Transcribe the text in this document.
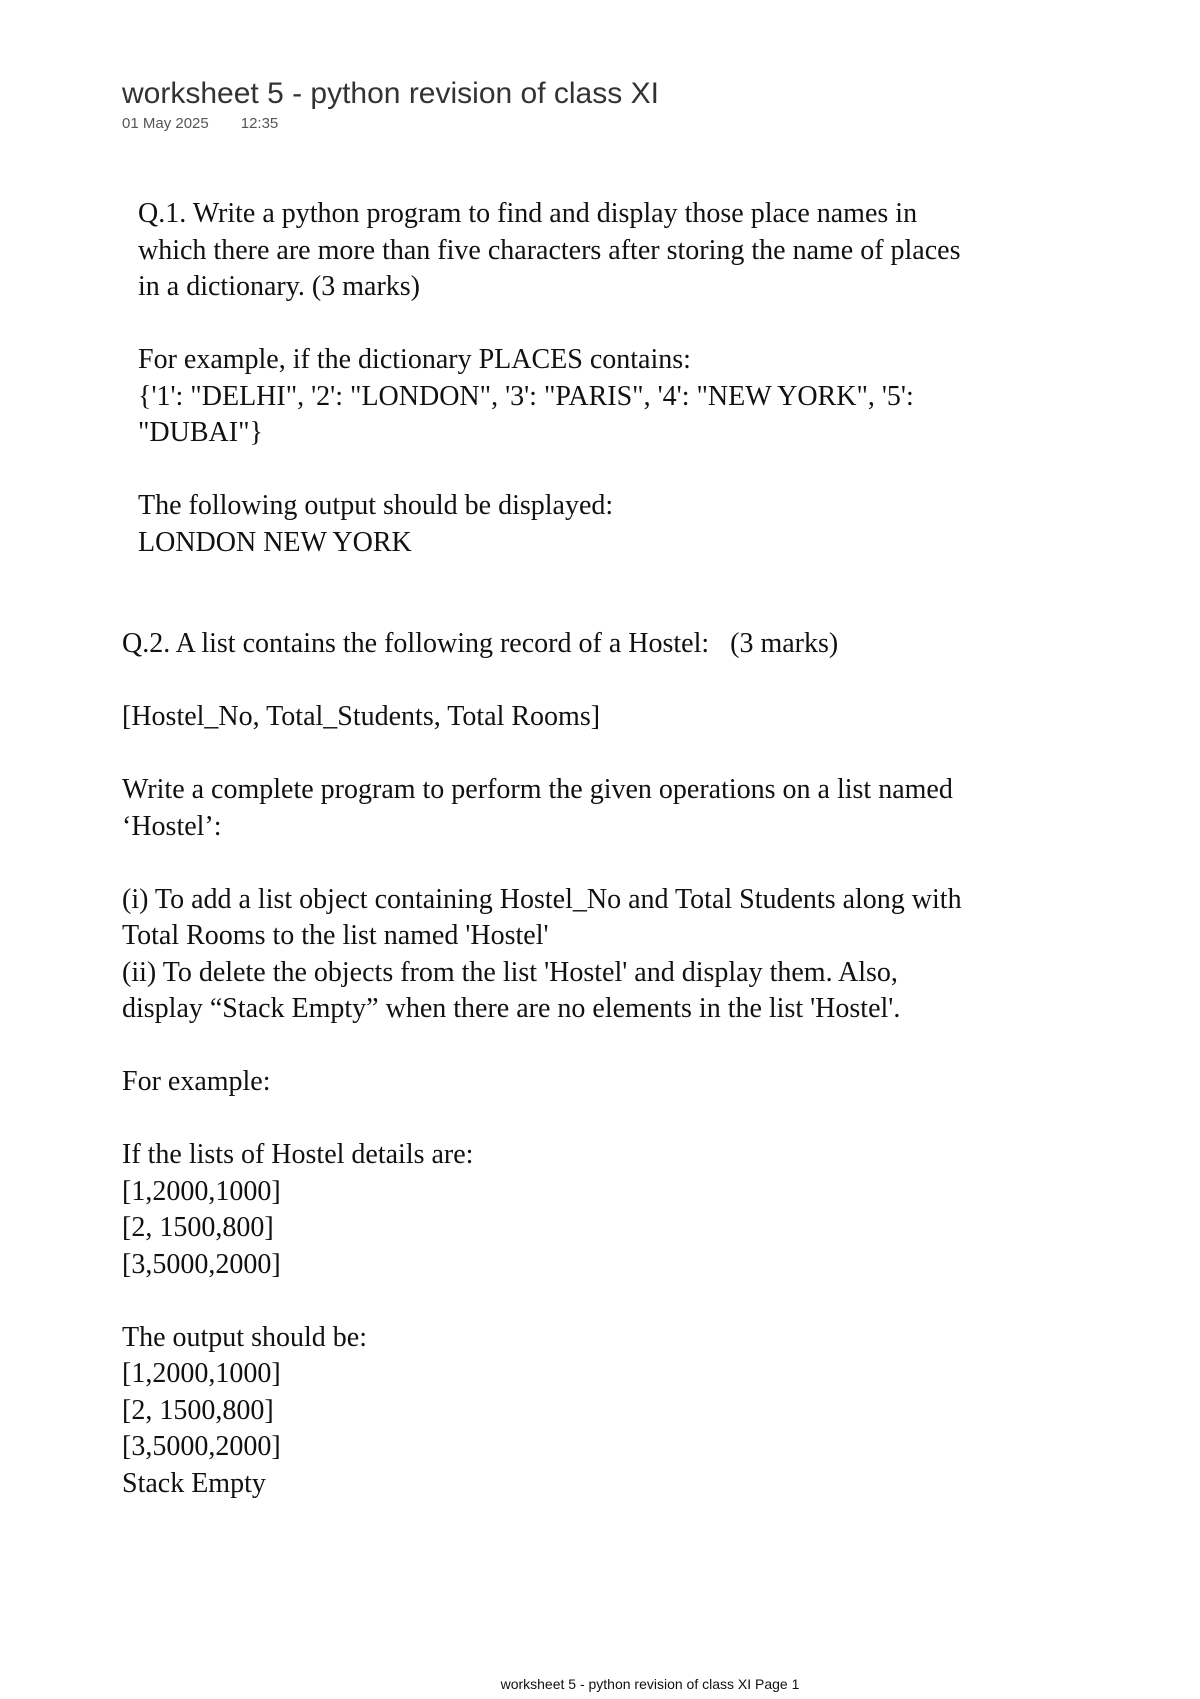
worksheet 5 - python revision of class XI
01 May 2025 12:35
Q.1. Write a python program to find and display those place names in
which there are more than five characters after storing the name of places
in a dictionary. (3 marks)
For example, if the dictionary PLACES contains:
{'1': "DELHI", '2': "LONDON", '3': "PARIS", '4': "NEW YORK", '5':
"DUBAI"}
The following output should be displayed:
LONDON NEW YORK
Q.2. A list contains the following record of a Hostel:   (3 marks)
[Hostel_No, Total_Students, Total Rooms]
Write a complete program to perform the given operations on a list named
‘Hostel’:
(i) To add a list object containing Hostel_No and Total Students along with
Total Rooms to the list named 'Hostel'
(ii) To delete the objects from the list 'Hostel' and display them. Also,
display “Stack Empty” when there are no elements in the list 'Hostel'.
For example:
If the lists of Hostel details are:
[1,2000,1000]
[2, 1500,800]
[3,5000,2000]
The output should be:
[1,2000,1000]
[2, 1500,800]
[3,5000,2000]
Stack Empty
worksheet 5 - python revision of class XI Page 1
